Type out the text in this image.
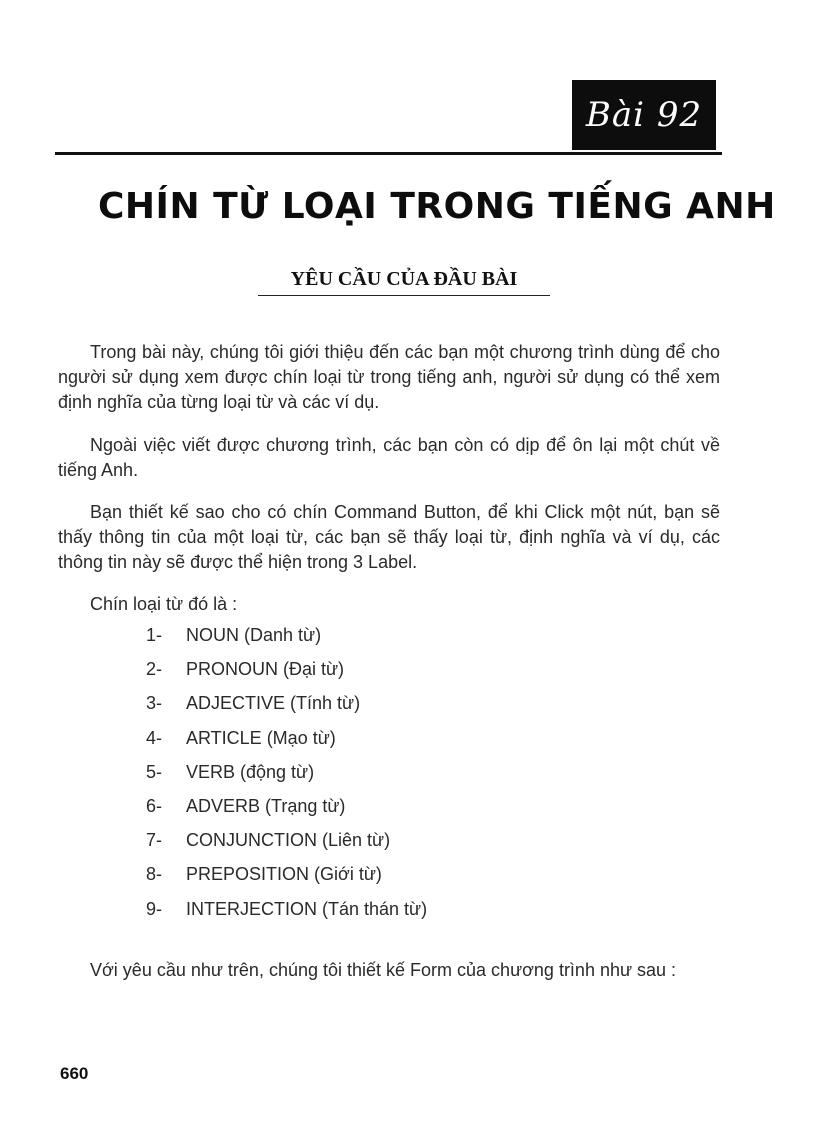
Bài 92
CHÍN TỪ LOẠI TRONG TIẾNG ANH
YÊU CẦU CỦA ĐẦU BÀI

Trong bài này, chúng tôi giới thiệu đến các bạn một chương trình dùng để cho người sử dụng xem được chín loại từ trong tiếng anh, người sử dụng có thể xem định nghĩa của từng loại từ và các ví dụ.

Ngoài việc viết được chương trình, các bạn còn có dịp để ôn lại một chút về tiếng Anh.

Bạn thiết kế sao cho có chín Command Button, để khi Click một nút, bạn sẽ thấy thông tin của một loại từ, các bạn sẽ thấy loại từ, định nghĩa và ví dụ, các thông tin này sẽ được thể hiện trong 3 Label.

Chín loại từ đó là :

1- NOUN (Danh từ)
2- PRONOUN (Đại từ)
3- ADJECTIVE (Tính từ)
4- ARTICLE (Mạo từ)
5- VERB (động từ)
6- ADVERB (Trạng từ)
7- CONJUNCTION (Liên từ)
8- PREPOSITION (Giới từ)
9- INTERJECTION (Tán thán từ)

Với yêu cầu như trên, chúng tôi thiết kế Form của chương trình như sau :

660
